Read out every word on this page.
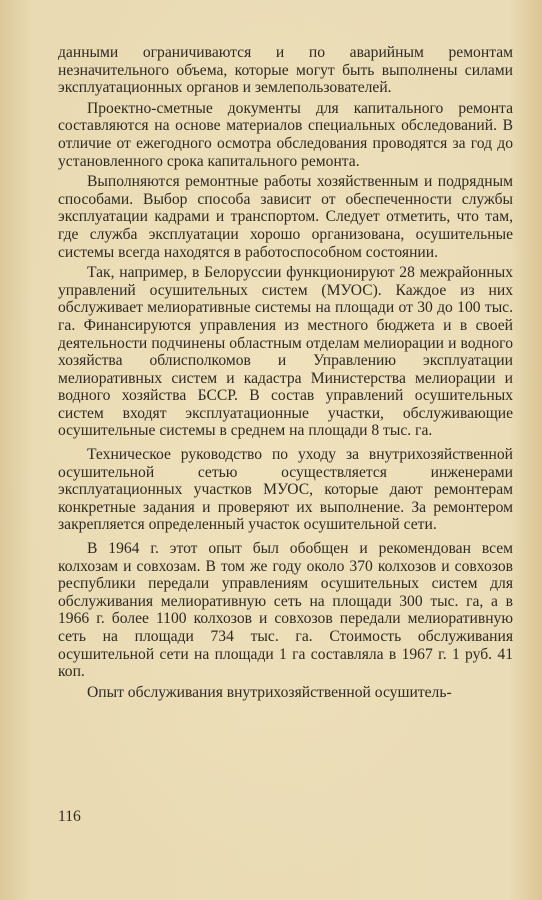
данными ограничиваются и по аварийным ремонтам незначительного объема, которые могут быть выполнены силами эксплуатационных органов и землепользователей.

Проектно-сметные документы для капитального ремонта составляются на основе материалов специальных обследований. В отличие от ежегодного осмотра обследования проводятся за год до установленного срока капитального ремонта.

Выполняются ремонтные работы хозяйственным и подрядным способами. Выбор способа зависит от обеспеченности службы эксплуатации кадрами и транспортом. Следует отметить, что там, где служба эксплуатации хорошо организована, осушительные системы всегда находятся в работоспособном состоянии.

Так, например, в Белоруссии функционируют 28 межрайонных управлений осушительных систем (МУОС). Каждое из них обслуживает мелиоративные системы на площади от 30 до 100 тыс. га. Финансируются управления из местного бюджета и в своей деятельности подчинены областным отделам мелиорации и водного хозяйства облисполкомов и Управлению эксплуатации мелиоративных систем и кадастра Министерства мелиорации и водного хозяйства БССР. В состав управлений осушительных систем входят эксплуатационные участки, обслуживающие осушительные системы в среднем на площади 8 тыс. га.

Техническое руководство по уходу за внутрихозяйственной осушительной сетью осуществляется инженерами эксплуатационных участков МУОС, которые дают ремонтерам конкретные задания и проверяют их выполнение. За ремонтером закрепляется определенный участок осушительной сети.

В 1964 г. этот опыт был обобщен и рекомендован всем колхозам и совхозам. В том же году около 370 колхозов и совхозов республики передали управлениям осушительных систем для обслуживания мелиоративную сеть на площади 300 тыс. га, а в 1966 г. более 1100 колхозов и совхозов передали мелиоративную сеть на площади 734 тыс. га. Стоимость обслуживания осушительной сети на площади 1 га составляла в 1967 г. 1 руб. 41 коп.

Опыт обслуживания внутрихозяйственной осушитель-

116
